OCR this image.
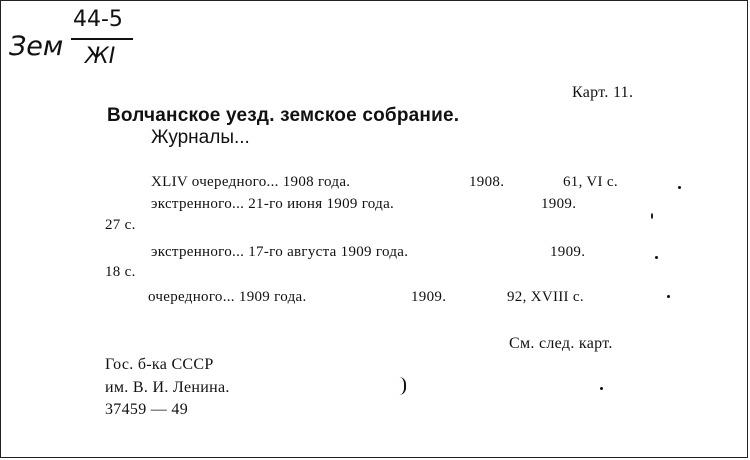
Зем
44-5
ЖI
Карт. 11.
Волчанское уезд. земское собрание.
Журналы...
XLIV очередного... 1908 года.	1908.	61, VI с.
экстренного... 21-го июня 1909 года.	1909.
27 с.
экстренного... 17-го августа 1909 года.	1909.
18 с.
очередного... 1909 года.	1909.	92, XVIII с.
См. след. карт.
Гос. б-ка СССР
им. В. И. Ленина.
37459 — 49
